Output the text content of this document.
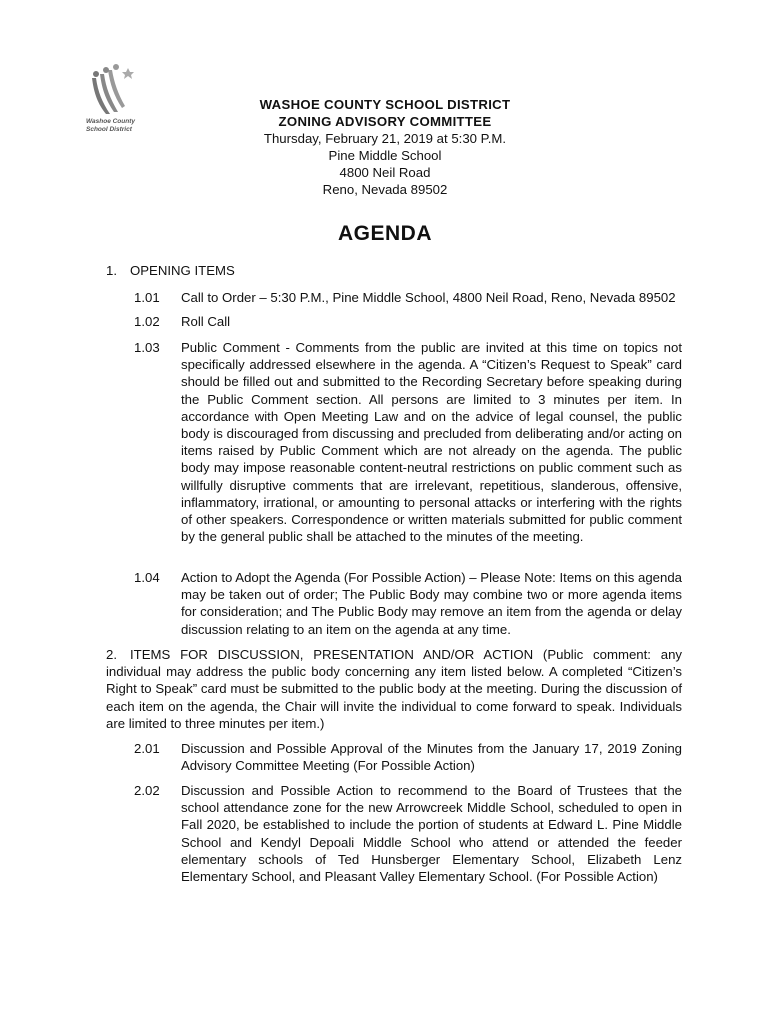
Washoe County
School District
WASHOE COUNTY SCHOOL DISTRICT
ZONING ADVISORY COMMITTEE
Thursday, February 21, 2019 at 5:30 P.M.
Pine Middle School
4800 Neil Road
Reno, Nevada 89502
AGENDA
1. OPENING ITEMS
1.01 Call to Order – 5:30 P.M., Pine Middle School, 4800 Neil Road, Reno, Nevada 89502
1.02 Roll Call
1.03 Public Comment - Comments from the public are invited at this time on topics not specifically addressed elsewhere in the agenda. A “Citizen’s Request to Speak” card should be filled out and submitted to the Recording Secretary before speaking during the Public Comment section. All persons are limited to 3 minutes per item. In accordance with Open Meeting Law and on the advice of legal counsel, the public body is discouraged from discussing and precluded from deliberating and/or acting on items raised by Public Comment which are not already on the agenda. The public body may impose reasonable content-neutral restrictions on public comment such as willfully disruptive comments that are irrelevant, repetitious, slanderous, offensive, inflammatory, irrational, or amounting to personal attacks or interfering with the rights of other speakers. Correspondence or written materials submitted for public comment by the general public shall be attached to the minutes of the meeting.
1.04 Action to Adopt the Agenda (For Possible Action) – Please Note: Items on this agenda may be taken out of order; The Public Body may combine two or more agenda items for consideration; and The Public Body may remove an item from the agenda or delay discussion relating to an item on the agenda at any time.
2. ITEMS FOR DISCUSSION, PRESENTATION AND/OR ACTION (Public comment: any individual may address the public body concerning any item listed below. A completed “Citizen’s Right to Speak” card must be submitted to the public body at the meeting. During the discussion of each item on the agenda, the Chair will invite the individual to come forward to speak. Individuals are limited to three minutes per item.)

2.01 Discussion and Possible Approval of the Minutes from the January 17, 2019 Zoning Advisory Committee Meeting (For Possible Action)
2.02 Discussion and Possible Action to recommend to the Board of Trustees that the school attendance zone for the new Arrowcreek Middle School, scheduled to open in Fall 2020, be established to include the portion of students at Edward L. Pine Middle School and Kendyl Depoali Middle School who attend or attended the feeder elementary schools of Ted Hunsberger Elementary School, Elizabeth Lenz Elementary School, and Pleasant Valley Elementary School. (For Possible Action)
